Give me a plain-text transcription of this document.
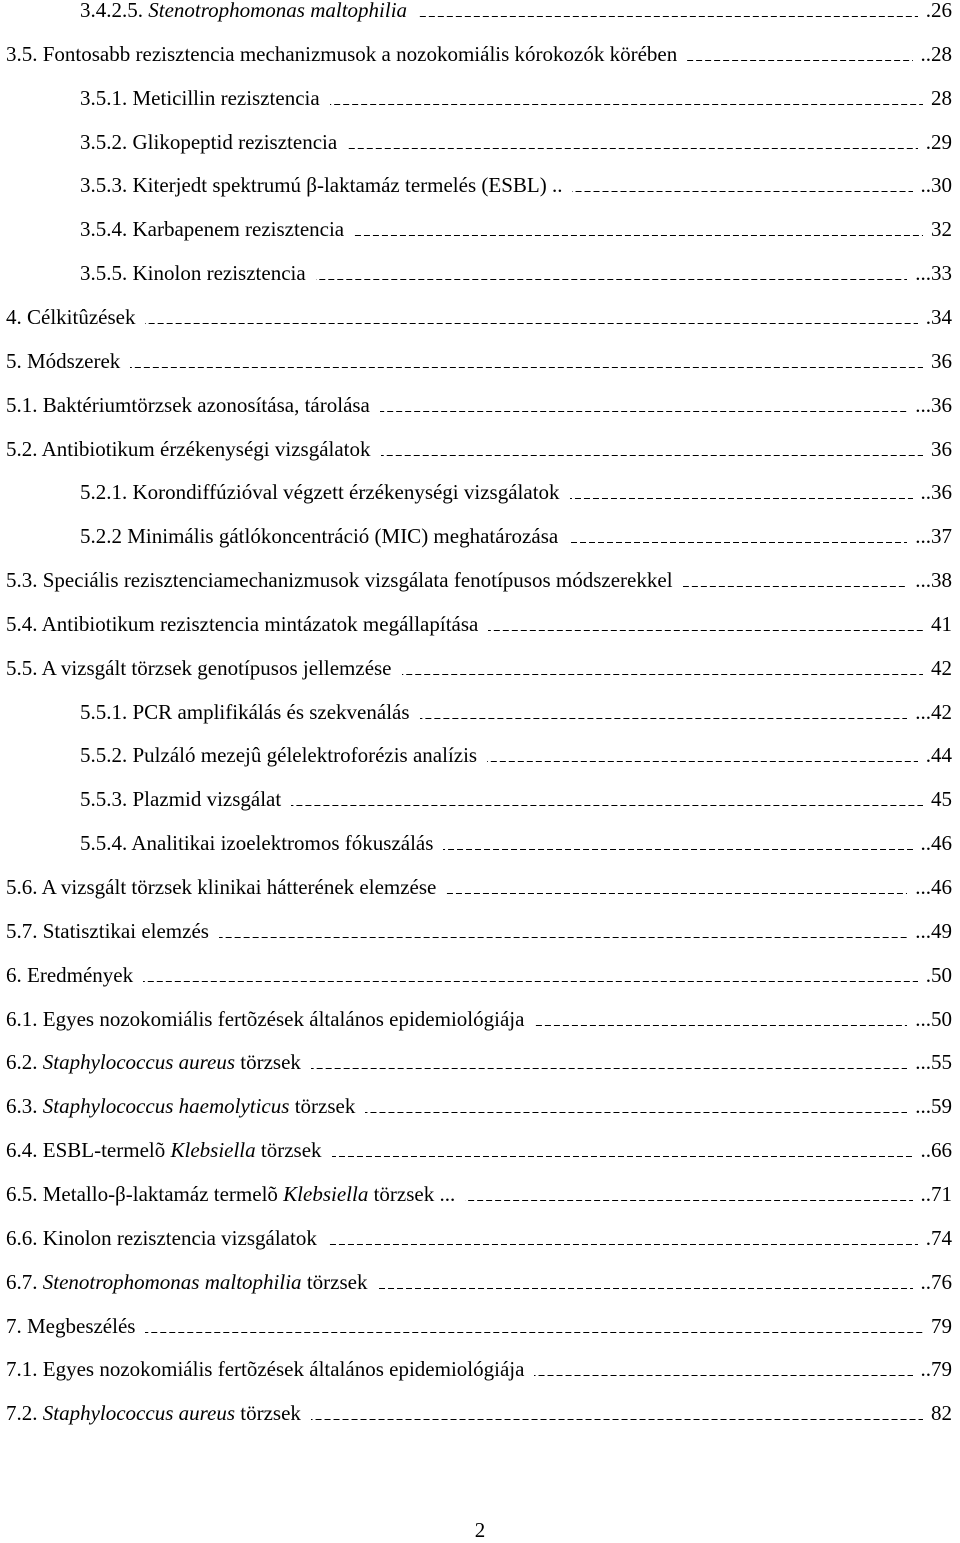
3.4.2.5. Stenotrophomonas maltophilia	.26
3.5. Fontosabb rezisztencia mechanizmusok a nozokomiális kórokozók körében	..28
3.5.1. Meticillin rezisztencia	28
3.5.2. Glikopeptid rezisztencia	.29
3.5.3. Kiterjedt spektrumú β-laktamáz termelés (ESBL) ..	..30
3.5.4. Karbapenem rezisztencia	32
3.5.5. Kinolon rezisztencia	...33
4. Célkitûzések	.34
5. Módszerek	36
5.1. Baktériumtörzsek azonosítása, tárolása	...36
5.2. Antibiotikum érzékenységi vizsgálatok	36
5.2.1. Korondiffúzióval végzett érzékenységi vizsgálatok	..36
5.2.2 Minimális gátlókoncentráció (MIC) meghatározása	...37
5.3. Speciális rezisztenciamechanizmusok vizsgálata fenotípusos módszerekkel	...38
5.4. Antibiotikum rezisztencia mintázatok megállapítása	41
5.5. A vizsgált törzsek genotípusos jellemzése	42
5.5.1. PCR amplifikálás és szekvenálás	...42
5.5.2. Pulzáló mezejû gélelektroforézis analízis	.44
5.5.3. Plazmid vizsgálat	45
5.5.4. Analitikai izoelektromos fókuszálás	..46
5.6. A vizsgált törzsek klinikai hátterének elemzése	...46
5.7. Statisztikai elemzés	...49
6. Eredmények	.50
6.1. Egyes nozokomiális fertõzések általános epidemiológiája	...50
6.2. Staphylococcus aureus törzsek	...55
6.3. Staphylococcus haemolyticus törzsek	...59
6.4. ESBL-termelõ Klebsiella törzsek	..66
6.5. Metallo-β-laktamáz termelõ Klebsiella törzsek ...	..71
6.6. Kinolon rezisztencia vizsgálatok	.74
6.7. Stenotrophomonas maltophilia törzsek	..76
7. Megbeszélés	79
7.1. Egyes nozokomiális fertõzések általános epidemiológiája	..79
7.2. Staphylococcus aureus törzsek	82
2
